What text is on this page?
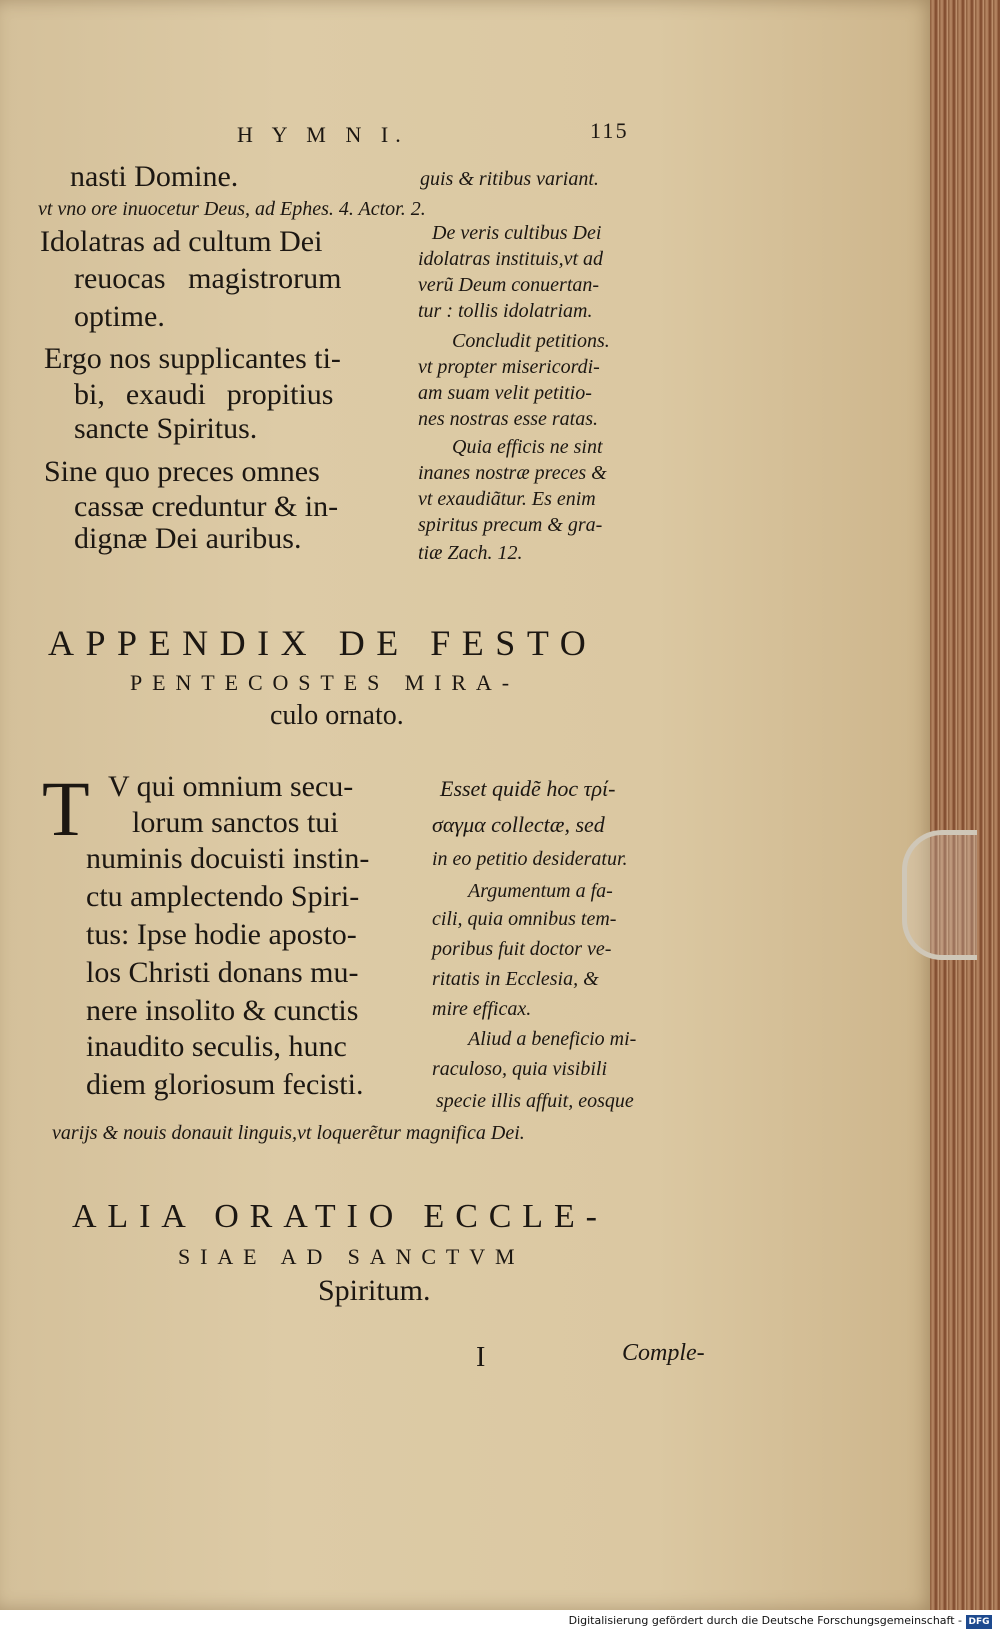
H Y M N I.	115
nasti Domine.
vt vno ore inuocetur Deus, ad Ephes. 4. Actor. 2.
Idolatras ad cultum Dei
reuocas magistrorum
optime.
Ergo nos supplicantes ti-
bi, exaudi propitius
sancte Spiritus.
Sine quo preces omnes
cassæ creduntur & in-
dignæ Dei auribus.
guis & ritibus variant.
De veris cultibus Dei
idolatras instituis,vt ad
verũ Deum conuertan-
tur : tollis idolatriam.
Concludit petitions.
vt propter misericordi-
am suam velit petitio-
nes nostras esse ratas.
Quia efficis ne sint
inanes nostræ preces &
vt exaudiãtur. Es enim
spiritus precum & gra-
tiæ Zach. 12.
APPENDIX DE FESTO
PENTECOSTES MIRA-
culo ornato.
T V qui omnium secu-
lorum sanctos tui
numinis docuisti instin-
ctu amplectendo Spiri-
tus: Ipse hodie aposto-
los Christi donans mu-
nere insolito & cunctis
inaudito seculis, hunc
diem gloriosum fecisti.
Esset quidẽ hoc τρί-
σαγμα collectæ, sed
in eo petitio desideratur.
Argumentum a fa-
cili, quia omnibus tem-
poribus fuit doctor ve-
ritatis in Ecclesia, &
mire efficax.
Aliud a beneficio mi-
raculoso, quia visibili
specie illis affuit, eosque
varijs & nouis donauit linguis,vt loquerẽtur magnifica Dei.
ALIA ORATIO ECCLE-
SIAE AD SANCTVM
Spiritum.
I	Comple-
Digitalisierung gefördert durch die Deutsche Forschungsgemeinschaft - DFG
